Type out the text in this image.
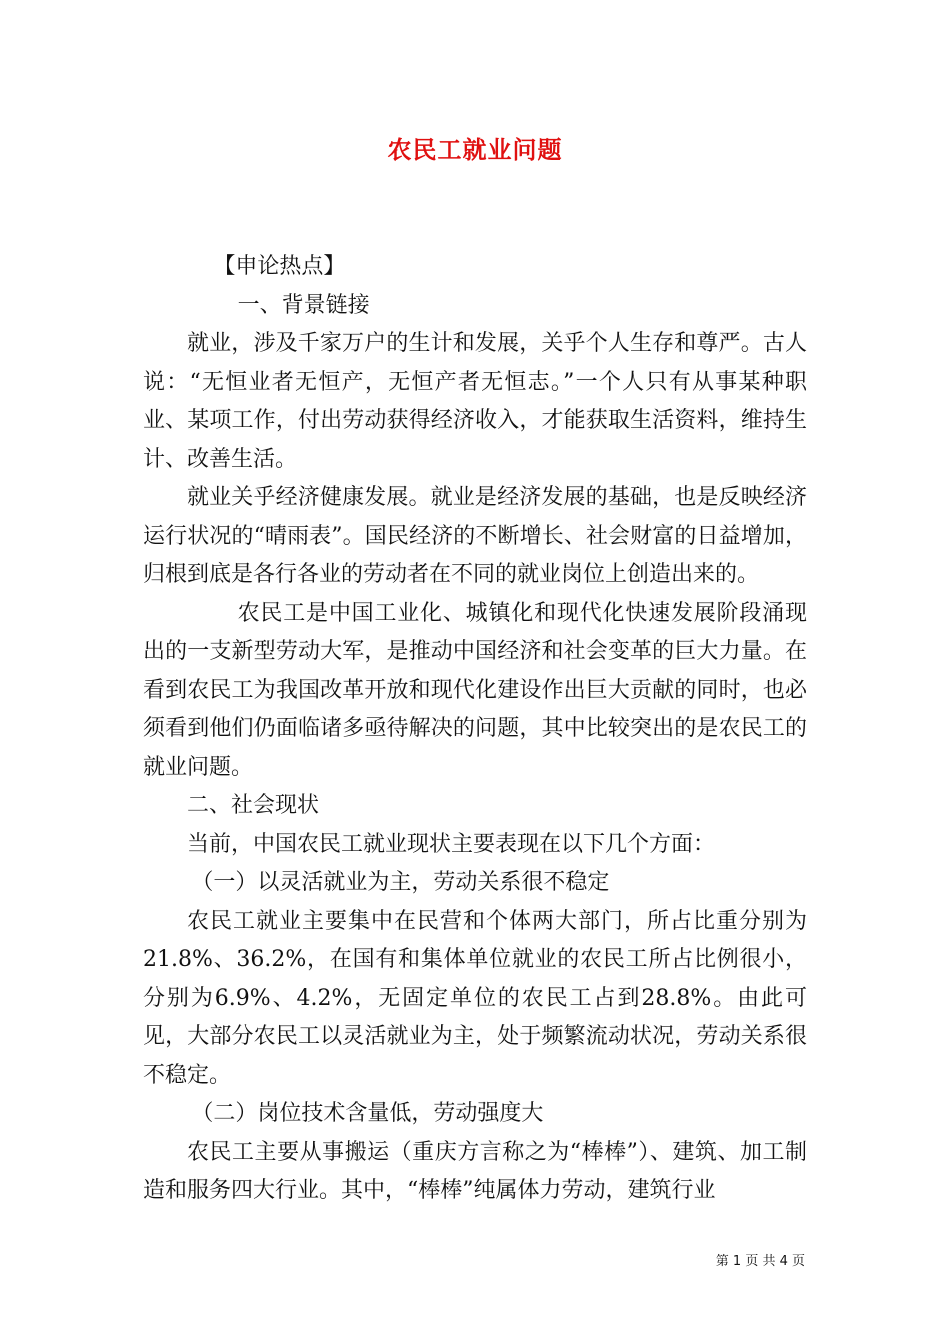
农民工就业问题

【申论热点】

一、背景链接

就业，涉及千家万户的生计和发展，关乎个人生存和尊严。古人说：“无恒业者无恒产，无恒产者无恒志。”一个人只有从事某种职业、某项工作，付出劳动获得经济收入，才能获取生活资料，维持生计、改善生活。

就业关乎经济健康发展。就业是经济发展的基础，也是反映经济运行状况的“晴雨表”。国民经济的不断增长、社会财富的日益增加，归根到底是各行各业的劳动者在不同的就业岗位上创造出来的。

农民工是中国工业化、城镇化和现代化快速发展阶段涌现出的一支新型劳动大军，是推动中国经济和社会变革的巨大力量。在看到农民工为我国改革开放和现代化建设作出巨大贡献的同时，也必须看到他们仍面临诸多亟待解决的问题，其中比较突出的是农民工的就业问题。

二、社会现状

当前，中国农民工就业现状主要表现在以下几个方面：

（一）以灵活就业为主，劳动关系很不稳定

农民工就业主要集中在民营和个体两大部门，所占比重分别为21.8%、36.2%，在国有和集体单位就业的农民工所占比例很小，分别为6.9%、4.2%，无固定单位的农民工占到28.8%。由此可见，大部分农民工以灵活就业为主，处于频繁流动状况，劳动关系很不稳定。

（二）岗位技术含量低，劳动强度大

农民工主要从事搬运（重庆方言称之为“棒棒”）、建筑、加工制造和服务四大行业。其中，“棒棒”纯属体力劳动，建筑行业

第 1 页 共 4 页
